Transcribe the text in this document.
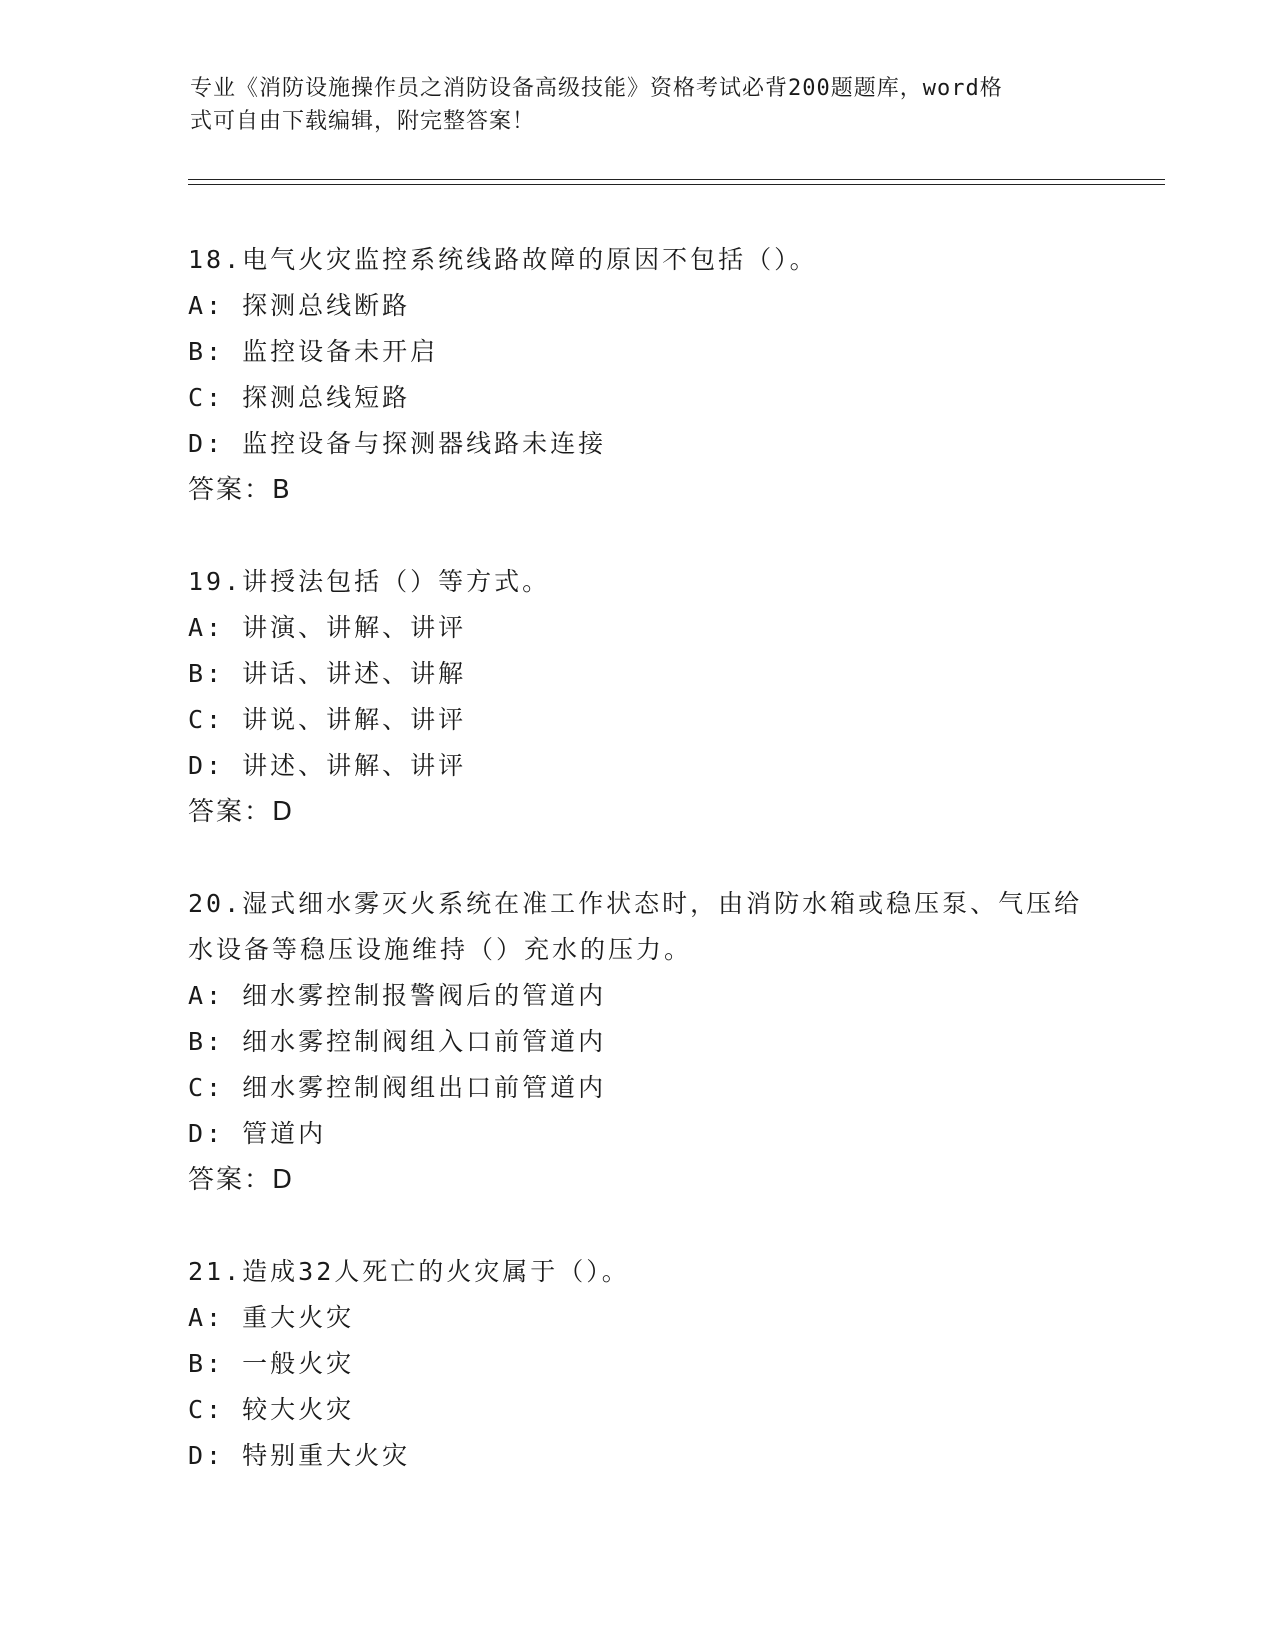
专业《消防设施操作员之消防设备高级技能》资格考试必背200题题库，word格
式可自由下载编辑，附完整答案！
18.电气火灾监控系统线路故障的原因不包括（）。
A: 探测总线断路
B: 监控设备未开启
C: 探测总线短路
D: 监控设备与探测器线路未连接
答案：B
19.讲授法包括（）等方式。
A: 讲演、讲解、讲评
B: 讲话、讲述、讲解
C: 讲说、讲解、讲评
D: 讲述、讲解、讲评
答案：D
20.湿式细水雾灭火系统在准工作状态时，由消防水箱或稳压泵、气压给水设备等稳压设施维持（）充水的压力。
A: 细水雾控制报警阀后的管道内
B: 细水雾控制阀组入口前管道内
C: 细水雾控制阀组出口前管道内
D: 管道内
答案：D
21.造成32人死亡的火灾属于（）。
A: 重大火灾
B: 一般火灾
C: 较大火灾
D: 特别重大火灾
